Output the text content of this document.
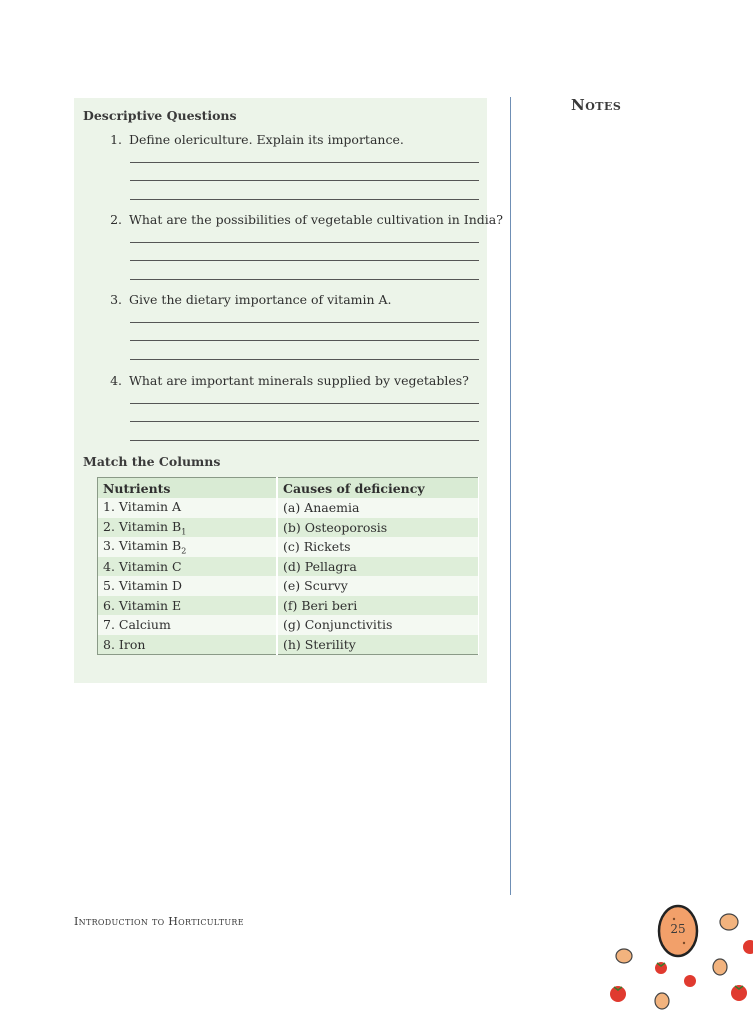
Descriptive Questions
1. Define olericulture. Explain its importance.
2. What are the possibilities of vegetable cultivation in India?
3. Give the dietary importance of vitamin A.
4. What are important minerals supplied by vegetables?
Match the Columns
Nutrients	Causes of deficiency
1. Vitamin A	(a) Anaemia
2. Vitamin $B_1$	(b) Osteoporosis
3. Vitamin $B_2$	(c) Rickets
4. Vitamin C	(d) Pellagra
5. Vitamin D	(e) Scurvy
6. Vitamin E	(f) Beri beri
7. Calcium	(g) Conjunctivitis
8. Iron	(h) Sterility
Notes
Introduction to Horticulture
25
